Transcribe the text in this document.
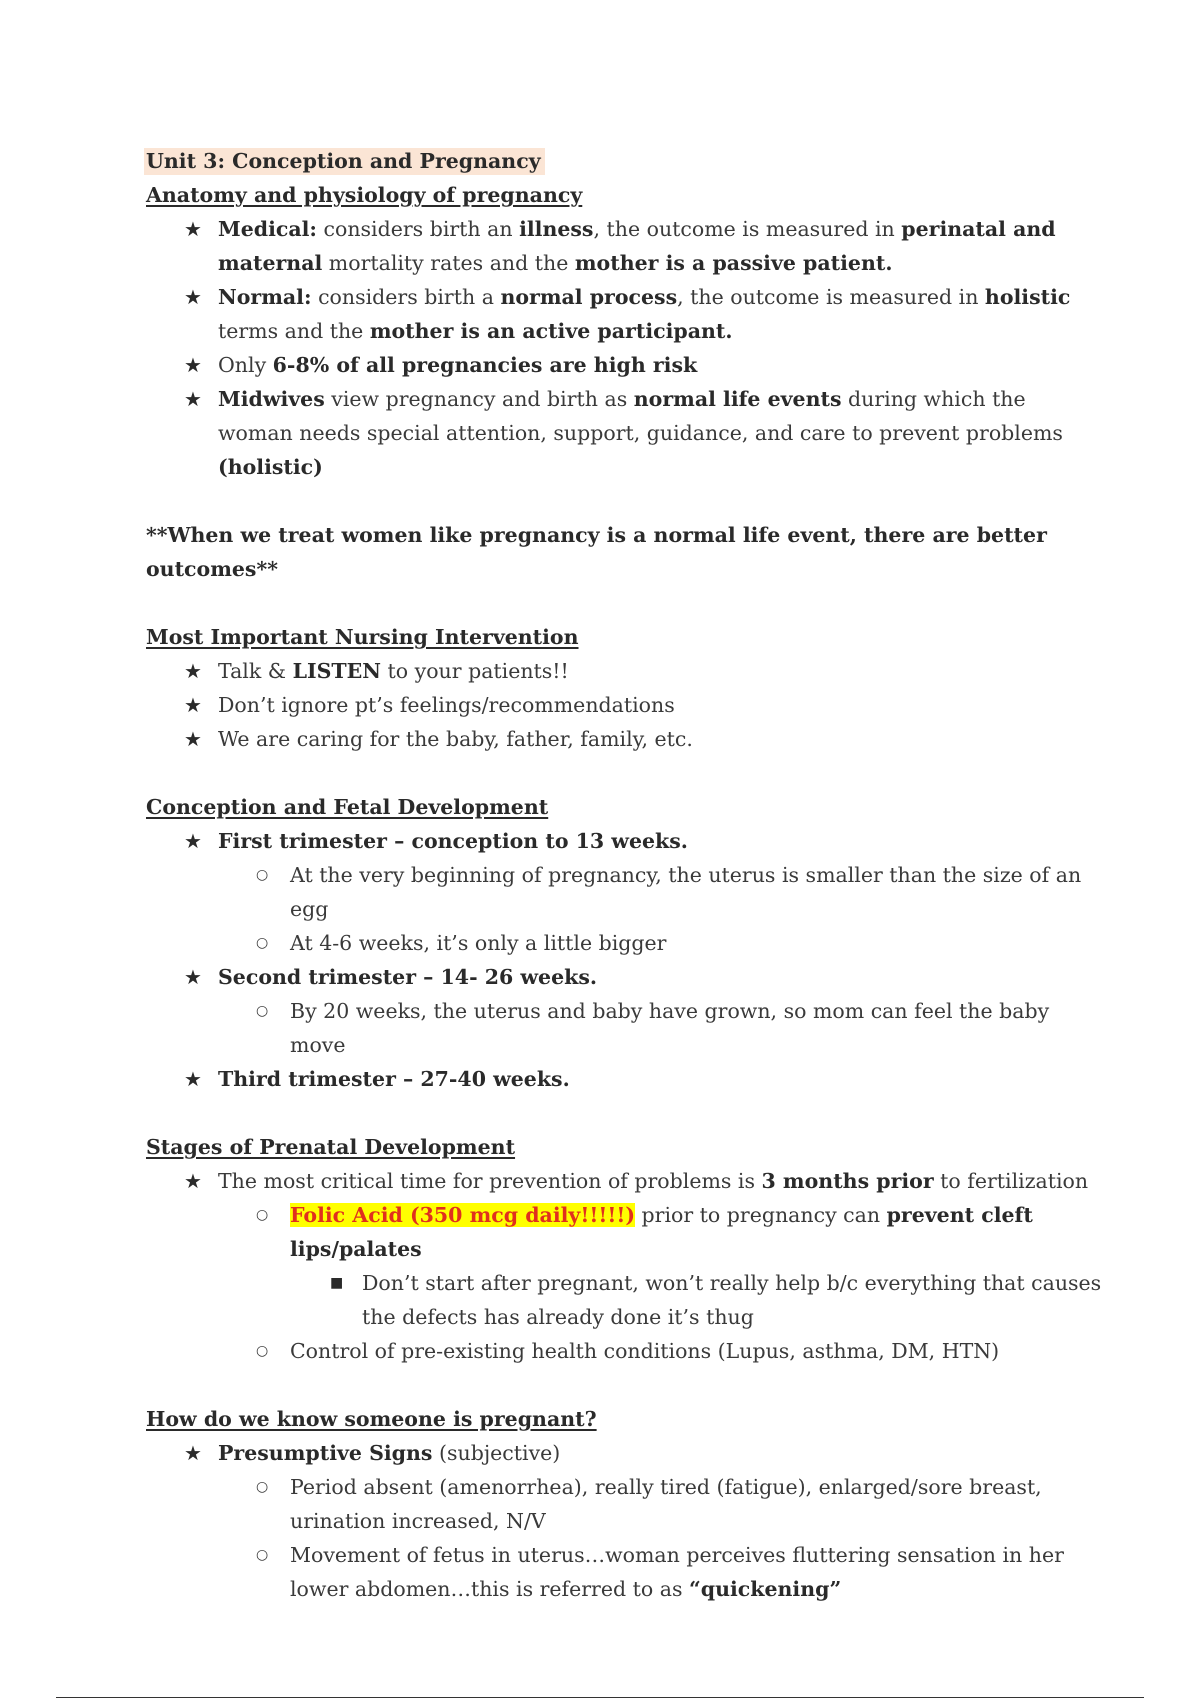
Unit 3: Conception and Pregnancy
Anatomy and physiology of pregnancy
★ Medical: considers birth an illness, the outcome is measured in perinatal and maternal mortality rates and the mother is a passive patient.
★ Normal: considers birth a normal process, the outcome is measured in holistic terms and the mother is an active participant.
★ Only 6-8% of all pregnancies are high risk
★ Midwives view pregnancy and birth as normal life events during which the woman needs special attention, support, guidance, and care to prevent problems (holistic)
**When we treat women like pregnancy is a normal life event, there are better outcomes**
Most Important Nursing Intervention
★ Talk & LISTEN to your patients!!
★ Don’t ignore pt’s feelings/recommendations
★ We are caring for the baby, father, family, etc.
Conception and Fetal Development
★ First trimester – conception to 13 weeks.
○ At the very beginning of pregnancy, the uterus is smaller than the size of an egg
○ At 4-6 weeks, it’s only a little bigger
★ Second trimester – 14- 26 weeks.
○ By 20 weeks, the uterus and baby have grown, so mom can feel the baby move
★ Third trimester – 27-40 weeks.
Stages of Prenatal Development
★ The most critical time for prevention of problems is 3 months prior to fertilization
○ Folic Acid (350 mcg daily!!!!!) prior to pregnancy can prevent cleft lips/palates
■ Don’t start after pregnant, won’t really help b/c everything that causes the defects has already done it’s thug
○ Control of pre-existing health conditions (Lupus, asthma, DM, HTN)
How do we know someone is pregnant?
★ Presumptive Signs (subjective)
○ Period absent (amenorrhea), really tired (fatigue), enlarged/sore breast, urination increased, N/V
○ Movement of fetus in uterus…woman perceives fluttering sensation in her lower abdomen…this is referred to as “quickening”
